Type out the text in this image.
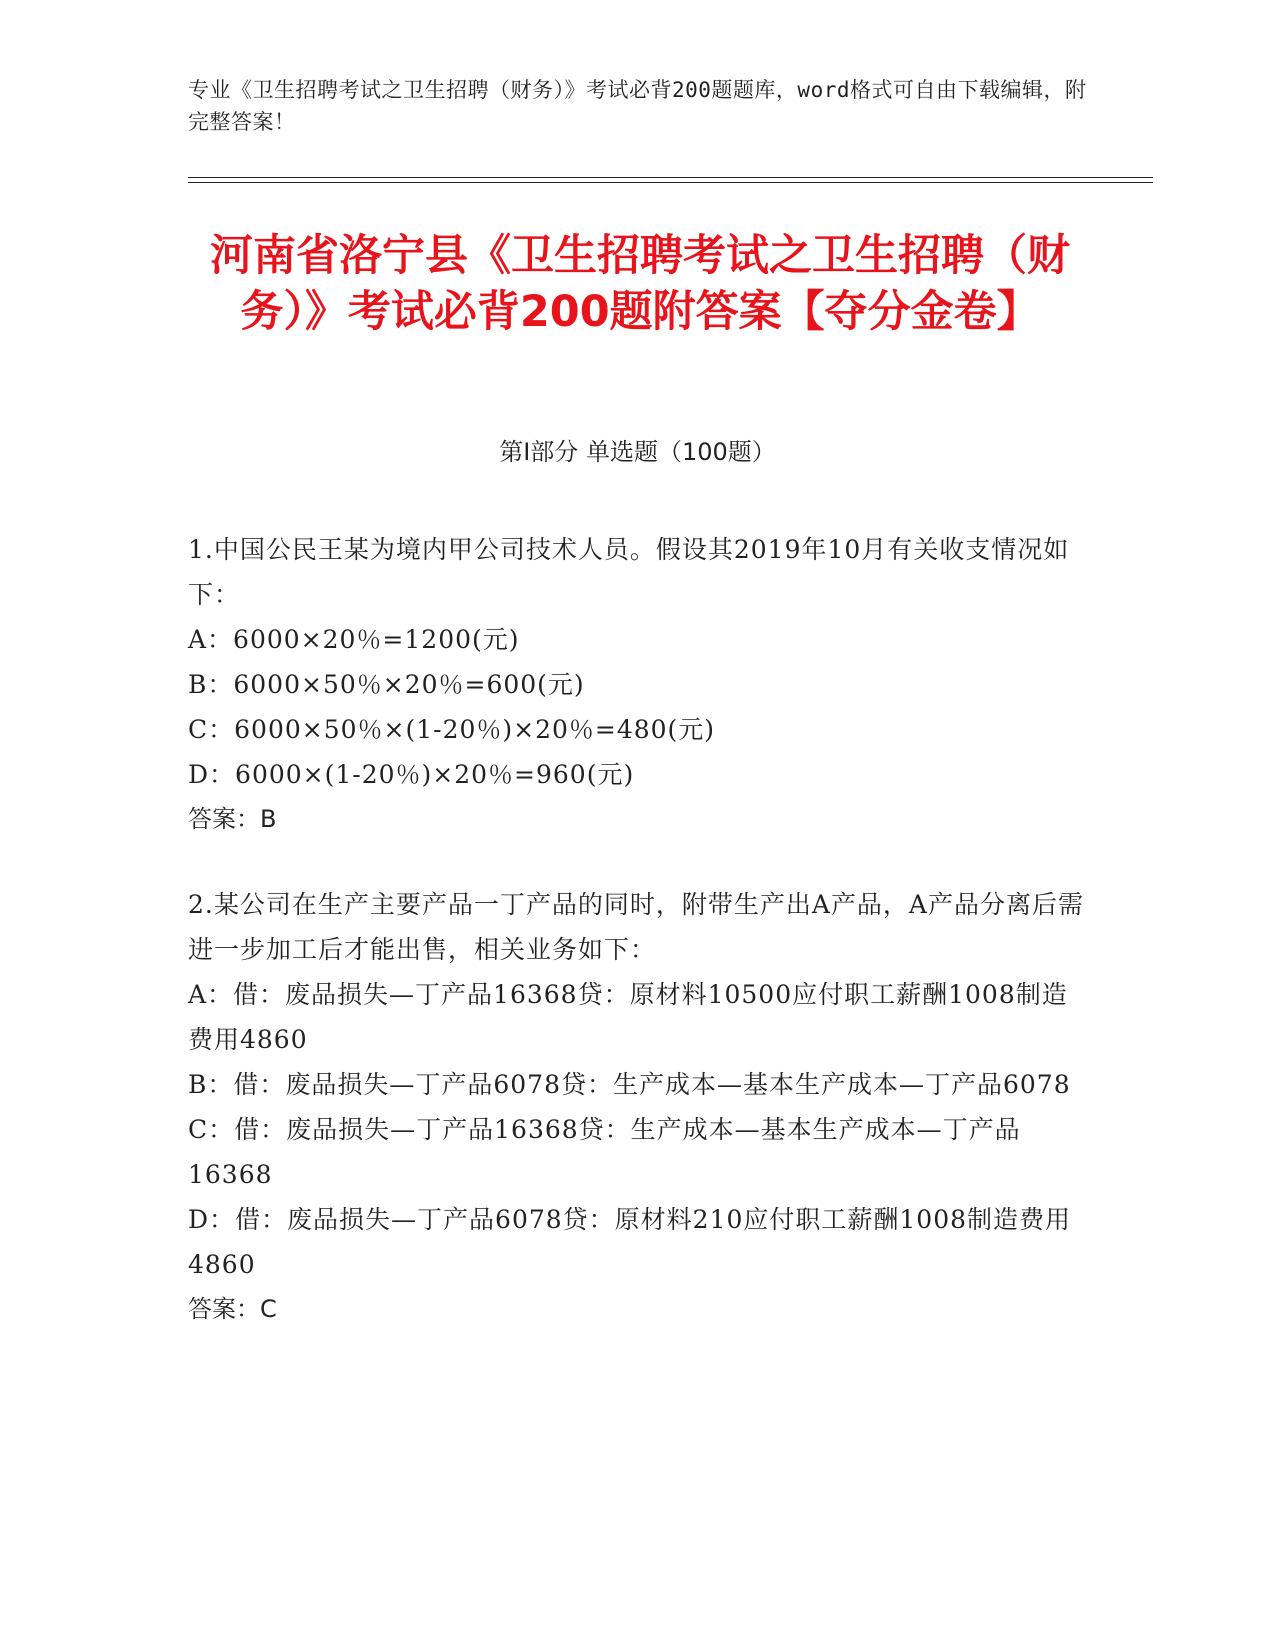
专业《卫生招聘考试之卫生招聘（财务）》考试必背200题题库，word格式可自由下载编辑，附完整答案！
河南省洛宁县《卫生招聘考试之卫生招聘（财务）》考试必背200题附答案【夺分金卷】
第I部分 单选题（100题）

1.中国公民王某为境内甲公司技术人员。假设其2019年10月有关收支情况如下：

A：6000×20％=1200(元)

B：6000×50％×20％=600(元)

C：6000×50％×(1-20％)×20％=480(元)

D：6000×(1-20％)×20％=960(元)

答案：B

2.某公司在生产主要产品一丁产品的同时，附带生产出A产品，A产品分离后需进一步加工后才能出售，相关业务如下：

A：借：废品损失—丁产品16368贷：原材料10500应付职工薪酬1008制造费用4860

B：借：废品损失—丁产品6078贷：生产成本—基本生产成本—丁产品6078

C：借：废品损失—丁产品16368贷：生产成本—基本生产成本—丁产品16368

D：借：废品损失—丁产品6078贷：原材料210应付职工薪酬1008制造费用4860

答案：C
